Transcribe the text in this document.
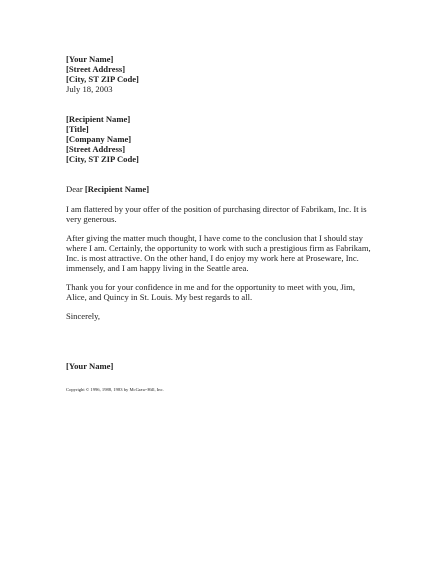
[Your Name]
[Street Address]
[City, ST ZIP Code]
July 18, 2003
[Recipient Name]
[Title]
[Company Name]
[Street Address]
[City, ST ZIP Code]
Dear [Recipient Name]
I am flattered by your offer of the position of purchasing director of Fabrikam, Inc. It is
very generous.
After giving the matter much thought, I have come to the conclusion that I should stay
where I am. Certainly, the opportunity to work with such a prestigious firm as Fabrikam,
Inc. is most attractive. On the other hand, I do enjoy my work here at Proseware, Inc.
immensely, and I am happy living in the Seattle area.
Thank you for your confidence in me and for the opportunity to meet with you, Jim,
Alice, and Quincy in St. Louis. My best regards to all.
Sincerely,
[Your Name]
Copyright © 1996, 1988, 1983 by McGraw-Hill, Inc.
